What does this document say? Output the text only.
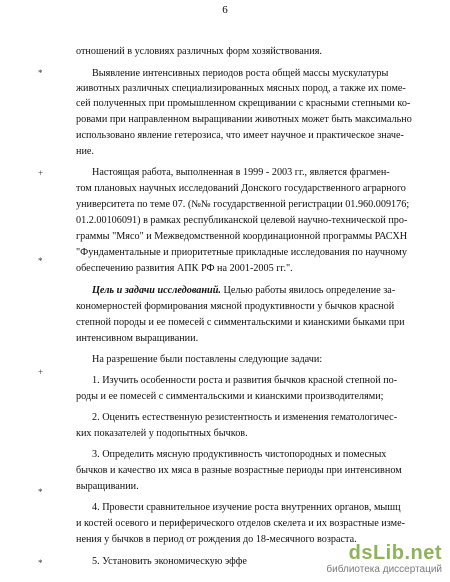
6
отношений в условиях различных форм хозяйствования.
Выявление интенсивных периодов роста общей массы мускулатуры
животных различных специализированных мясных пород, а также их поме-
сей полученных при промышленном скрещивании с красными степными ко-
ровами при направленном выращивании животных может быть максимально
использовано явление гетерозиса, что имеет научное и практическое значе-
ние.
Настоящая работа, выполненная в 1999 - 2003 гг., является фрагмен-
том плановых научных исследований Донского государственного аграрного
университета по теме 07. (№№ государственной регистрации 01.960.009176;
01.2.00106091) в рамках республиканской целевой научно-технической про-
граммы "Мясо" и Межведомственной координационной программы РАСХН
"Фундаментальные и приоритетные прикладные исследования по научному
обеспечению развития АПК РФ на 2001-2005 гг.".
Цель и задачи исследований. Целью работы явилось определение за-
кономерностей формирования мясной продуктивности у бычков красной
степной породы и ее помесей с симментальскими и кианскими быками при
интенсивном выращивании.
На разрешение были поставлены следующие задачи:
1. Изучить особенности роста и развития бычков красной степной по-
роды и ее помесей с симментальскими и кианскими производителями;
2. Оценить естественную резистентность и изменения гематологичес-
ких показателей у подопытных бычков.
3. Определить мясную продуктивность чистопородных и помесных
бычков и качество их мяса в разные возрастные периоды при интенсивном
выращивании.
4. Провести сравнительное изучение роста внутренних органов, мышц
и костей осевого и периферического отделов скелета и их возрастные изме-
нения у бычков в период от рождения до 18-месячного возраста.
5. Установить экономическую эффе
*
+
*
+
*
*	dsLib.net
библиотека диссертаций
